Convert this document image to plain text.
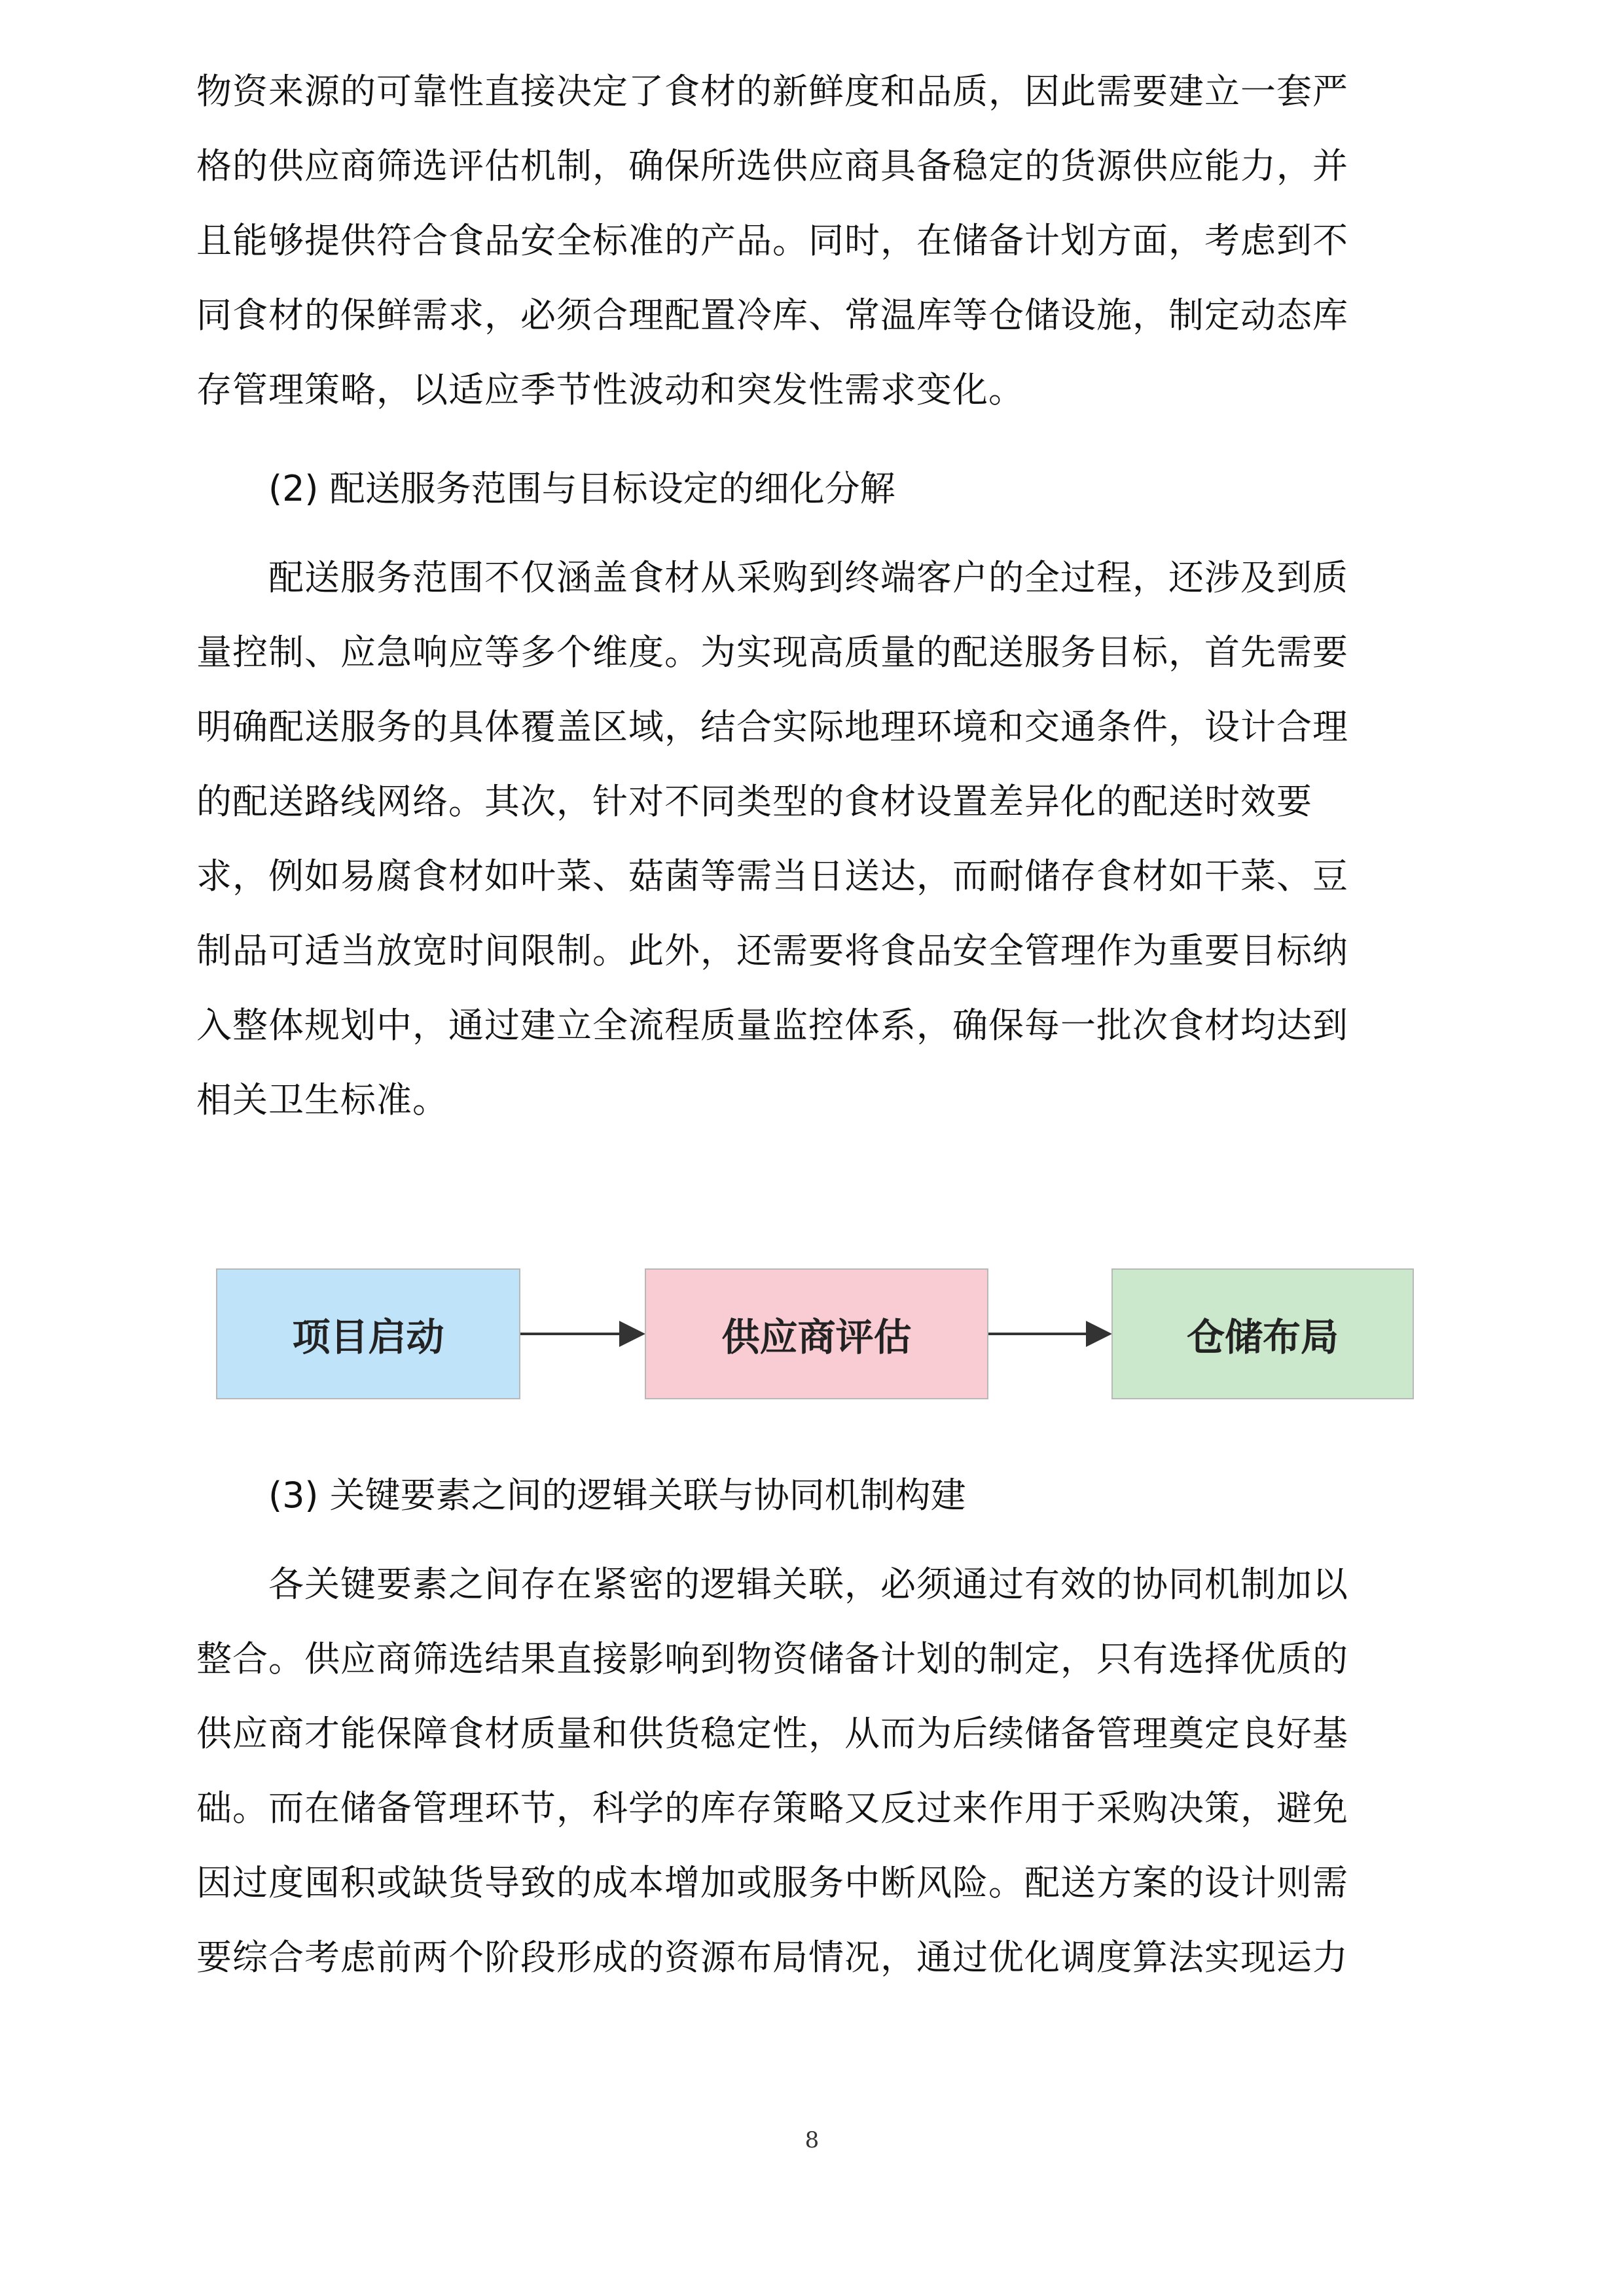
物资来源的可靠性直接决定了食材的新鲜度和品质，因此需要建立一套严
格的供应商筛选评估机制，确保所选供应商具备稳定的货源供应能力，并
且能够提供符合食品安全标准的产品。同时，在储备计划方面，考虑到不
同食材的保鲜需求，必须合理配置冷库、常温库等仓储设施，制定动态库
存管理策略，以适应季节性波动和突发性需求变化。
(2) 配送服务范围与目标设定的细化分解
配送服务范围不仅涵盖食材从采购到终端客户的全过程，还涉及到质
量控制、应急响应等多个维度。为实现高质量的配送服务目标，首先需要
明确配送服务的具体覆盖区域，结合实际地理环境和交通条件，设计合理
的配送路线网络。其次，针对不同类型的食材设置差异化的配送时效要
求，例如易腐食材如叶菜、菇菌等需当日送达，而耐储存食材如干菜、豆
制品可适当放宽时间限制。此外，还需要将食品安全管理作为重要目标纳
入整体规划中，通过建立全流程质量监控体系，确保每一批次食材均达到
相关卫生标准。
项目启动	供应商评估	仓储布局
(3) 关键要素之间的逻辑关联与协同机制构建
各关键要素之间存在紧密的逻辑关联，必须通过有效的协同机制加以
整合。供应商筛选结果直接影响到物资储备计划的制定，只有选择优质的
供应商才能保障食材质量和供货稳定性，从而为后续储备管理奠定良好基
础。而在储备管理环节，科学的库存策略又反过来作用于采购决策，避免
因过度囤积或缺货导致的成本增加或服务中断风险。配送方案的设计则需
要综合考虑前两个阶段形成的资源布局情况，通过优化调度算法实现运力
8
